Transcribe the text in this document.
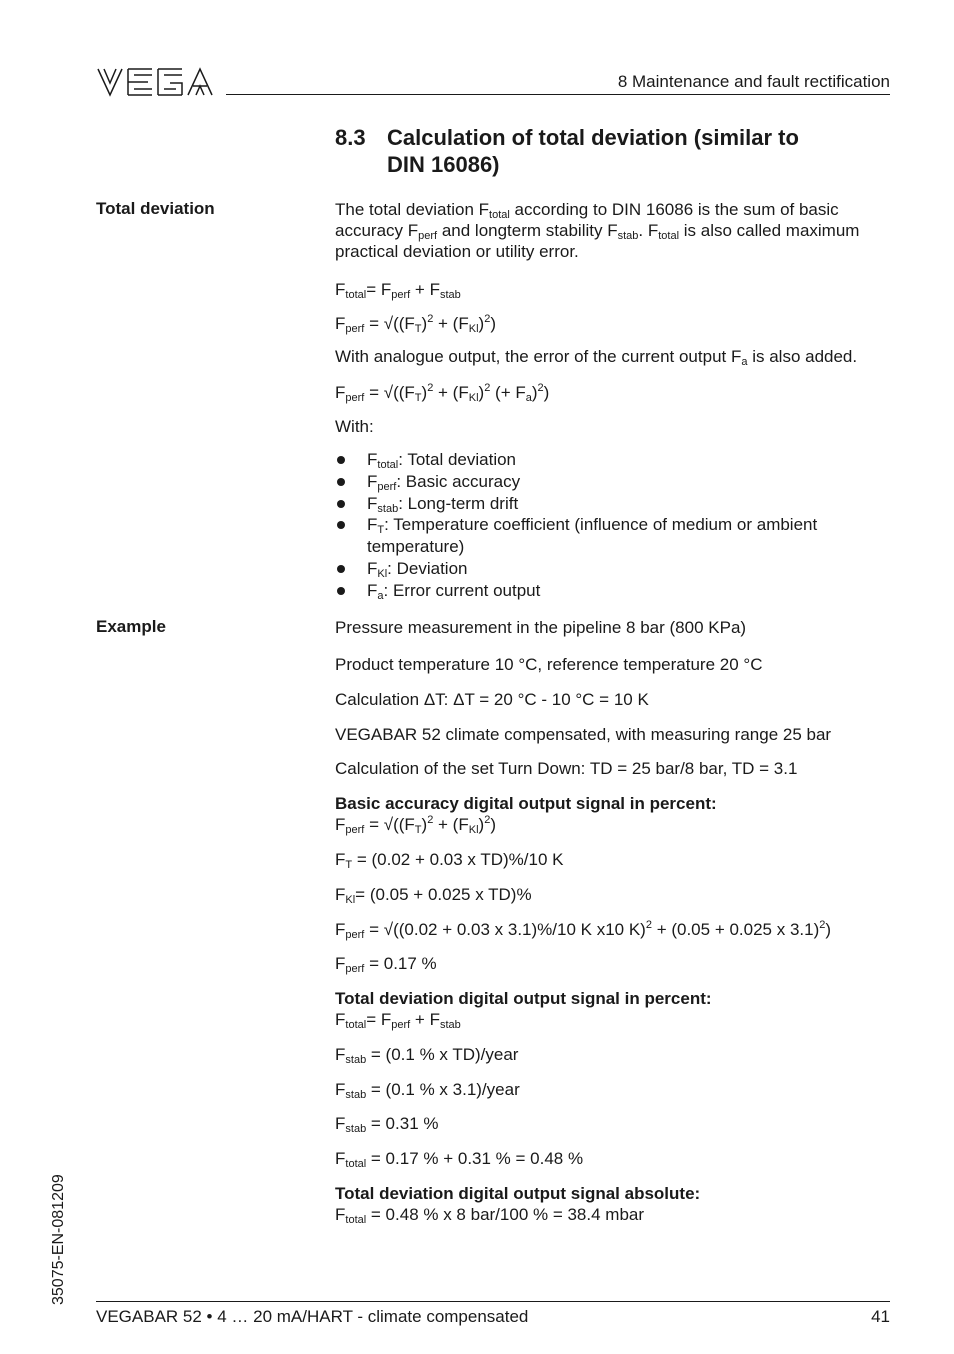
8 Maintenance and fault rectification
8.3 Calculation of total deviation (similar to
DIN 16086)
Total deviation
Example
The total deviation $F_{total}$ according to DIN 16086 is the sum of basic accuracy $F_{perf}$ and longterm stability $F_{stab}$. $F_{total}$ is also called maximum practical deviation or utility error.
$F_{total}= F_{perf} + F_{stab}$
$F_{perf} = √((F_T)^2 + (F_{Kl})^2)$
With analogue output, the error of the current output $F_a$ is also added.
$F_{perf} = √((F_T)^2 + (F_{Kl})^2$ (+ $F_a)^2$)
With:
$F_{total}$: Total deviation
$F_{perf}$: Basic accuracy
$F_{stab}$: Long-term drift
$F_T$: Temperature coefficient (influence of medium or ambient temperature)
$F_{Kl}$: Deviation
$F_a$: Error current output
Pressure measurement in the pipeline 8 bar (800 KPa)
Product temperature 10 °C, reference temperature 20 °C
Calculation ΔT: ΔT = 20 °C - 10 °C = 10 K
VEGABAR 52 climate compensated, with measuring range 25 bar
Calculation of the set Turn Down: TD = 25 bar/8 bar, TD = 3.1
Basic accuracy digital output signal in percent:
$F_{perf} = √((F_T)^2 + (F_{Kl})^2)$
$F_T = (0.02 + 0.03$ x TD)%/10 K
$F_{Kl}= (0.05 + 0.025$ x TD)%
$F_{perf} = √((0.02 + 0.03$ x 3.1)%/10 K x10 K)$^2$ + (0.05 + 0.025 x 3.1)$^2$)
$F_{perf} = 0.17$ %
Total deviation digital output signal in percent:
$F_{total}= F_{perf} + F_{stab}$
$F_{stab} = (0.1$ % x TD)/year
$F_{stab} = (0.1$ % x 3.1)/year
$F_{stab} = 0.31$ %
$F_{total} = 0.17$ % + 0.31 % = 0.48 %
Total deviation digital output signal absolute:
$F_{total} = 0.48$ % x 8 bar/100 % = 38.4 mbar
35075-EN-081209
VEGABAR 52 • 4 … 20 mA/HART - climate compensated	41
